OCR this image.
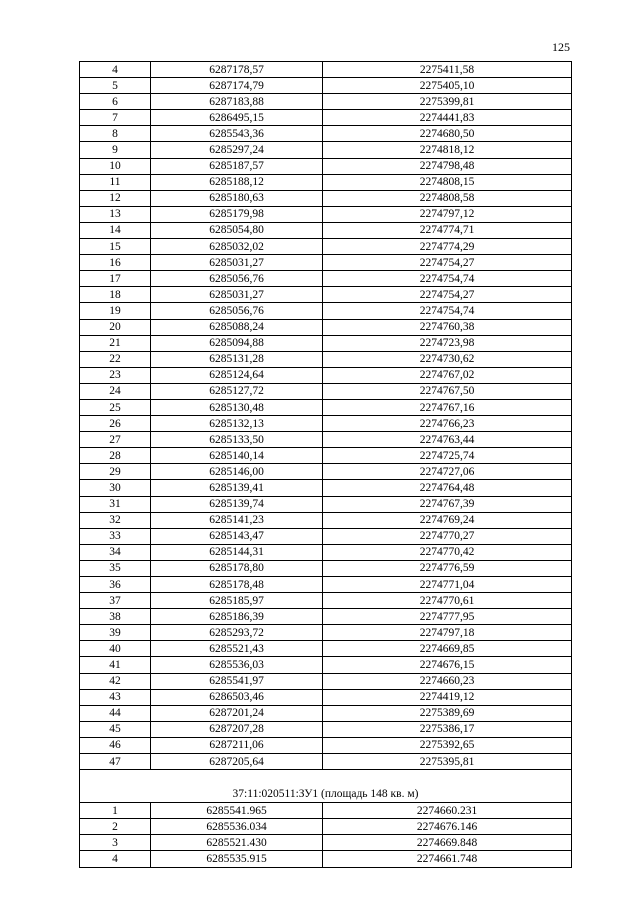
125
4	6287178,57	2275411,58
5	6287174,79	2275405,10
6	6287183,88	2275399,81
7	6286495,15	2274441,83
8	6285543,36	2274680,50
9	6285297,24	2274818,12
10	6285187,57	2274798,48
11	6285188,12	2274808,15
12	6285180,63	2274808,58
13	6285179,98	2274797,12
14	6285054,80	2274774,71
15	6285032,02	2274774,29
16	6285031,27	2274754,27
17	6285056,76	2274754,74
18	6285031,27	2274754,27
19	6285056,76	2274754,74
20	6285088,24	2274760,38
21	6285094,88	2274723,98
22	6285131,28	2274730,62
23	6285124,64	2274767,02
24	6285127,72	2274767,50
25	6285130,48	2274767,16
26	6285132,13	2274766,23
27	6285133,50	2274763,44
28	6285140,14	2274725,74
29	6285146,00	2274727,06
30	6285139,41	2274764,48
31	6285139,74	2274767,39
32	6285141,23	2274769,24
33	6285143,47	2274770,27
34	6285144,31	2274770,42
35	6285178,80	2274776,59
36	6285178,48	2274771,04
37	6285185,97	2274770,61
38	6285186,39	2274777,95
39	6285293,72	2274797,18
40	6285521,43	2274669,85
41	6285536,03	2274676,15
42	6285541,97	2274660,23
43	6286503,46	2274419,12
44	6287201,24	2275389,69
45	6287207,28	2275386,17
46	6287211,06	2275392,65
47	6287205,64	2275395,81
37:11:020511:ЗУ1 (площадь 148 кв. м)		
1	6285541.965	2274660.231
2	6285536.034	2274676.146
3	6285521.430	2274669.848
4	6285535.915	2274661.748
